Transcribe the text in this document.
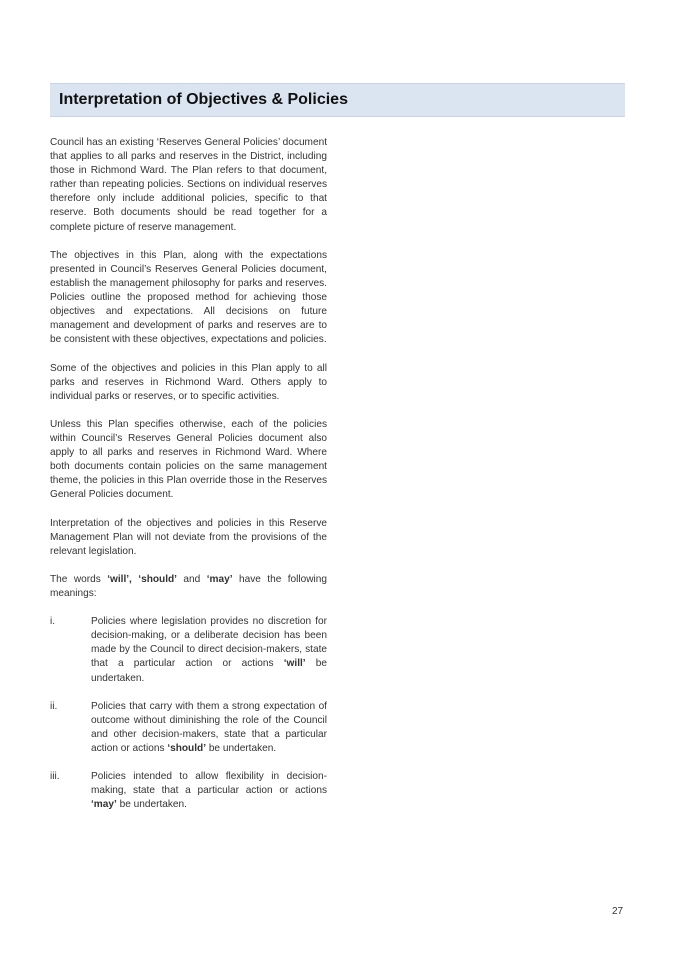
Interpretation of Objectives & Policies

Council has an existing ‘Reserves General Policies’ document that applies to all parks and reserves in the District, including those in Richmond Ward. The Plan refers to that document, rather than repeating policies. Sections on individual reserves therefore only include additional policies, specific to that reserve. Both documents should be read together for a complete picture of reserve management.

The objectives in this Plan, along with the expectations presented in Council’s Reserves General Policies document, establish the management philosophy for parks and reserves. Policies outline the proposed method for achieving those objectives and expectations. All decisions on future management and development of parks and reserves are to be consistent with these objectives, expectations and policies.

Some of the objectives and policies in this Plan apply to all parks and reserves in Richmond Ward. Others apply to individual parks or reserves, or to specific activities.

Unless this Plan specifies otherwise, each of the policies within Council’s Reserves General Policies document also apply to all parks and reserves in Richmond Ward. Where both documents contain policies on the same management theme, the policies in this Plan override those in the Reserves General Policies document.

Interpretation of the objectives and policies in this Reserve Management Plan will not deviate from the provisions of the relevant legislation.

The words ‘will’, ‘should’ and ‘may’ have the following meanings:

i.	Policies where legislation provides no discretion for decision-making, or a deliberate decision has been made by the Council to direct decision-makers, state that a particular action or actions ‘will’ be undertaken.
ii.	Policies that carry with them a strong expectation of outcome without diminishing the role of the Council and other decision-makers, state that a particular action or actions ‘should’ be undertaken.
iii.	Policies intended to allow flexibility in decision-making, state that a particular action or actions ‘may’ be undertaken.
27
